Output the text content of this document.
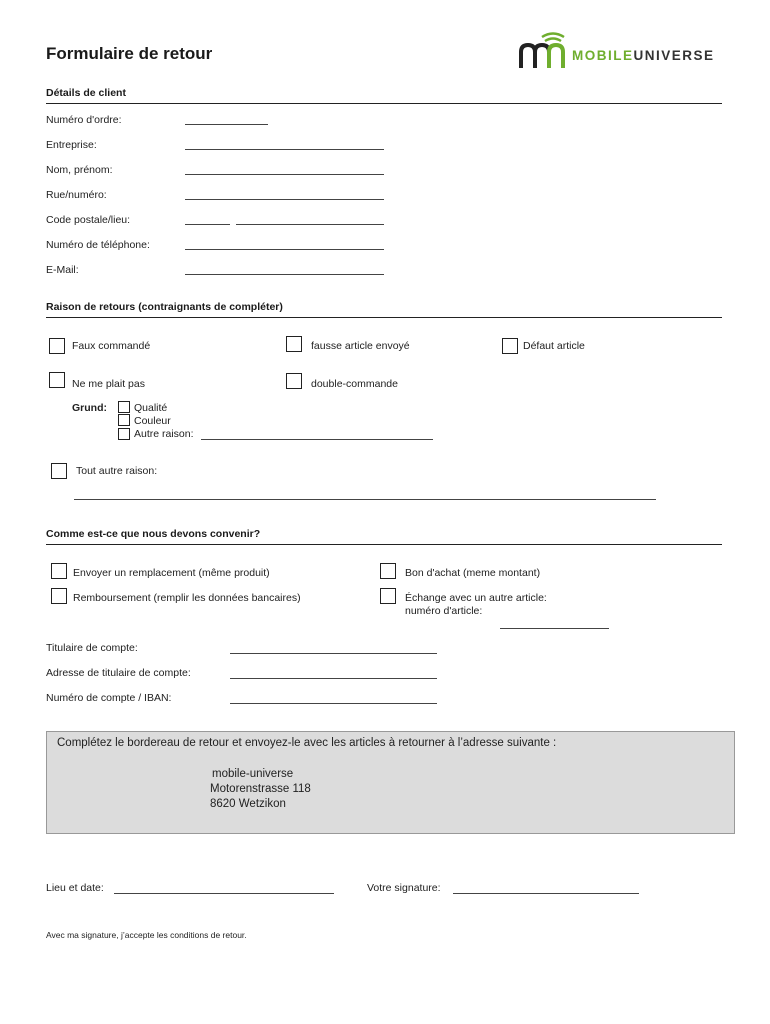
Formulaire de retour	MOBILEUNIVERSE
Détails de client
Numéro d'ordre:
Entreprise:
Nom, prénom:
Rue/numéro:
Code postale/lieu:
Numéro de téléphone:
E-Mail:
Raison de retours (contraignants de compléter)
Faux commandé	fausse article envoyé	Défaut article
Ne me plait pas	double-commande
Grund:	Qualité
Couleur
Autre raison:
Tout autre raison:
Comme est-ce que nous devons convenir?
Envoyer un remplacement (même produit)	Bon d'achat (meme montant)
Remboursement (remplir les données bancaires)	Échange avec un autre article:
numéro d'article:
Titulaire de compte:
Adresse de titulaire de compte:
Numéro de compte / IBAN:
Complétez le bordereau de retour et envoyez-le avec les articles à retourner à l’adresse suivante :
mobile-universe
Motorenstrasse 118
8620 Wetzikon
Lieu et date:	Votre signature:
Avec ma signature, j’accepte les conditions de retour.
